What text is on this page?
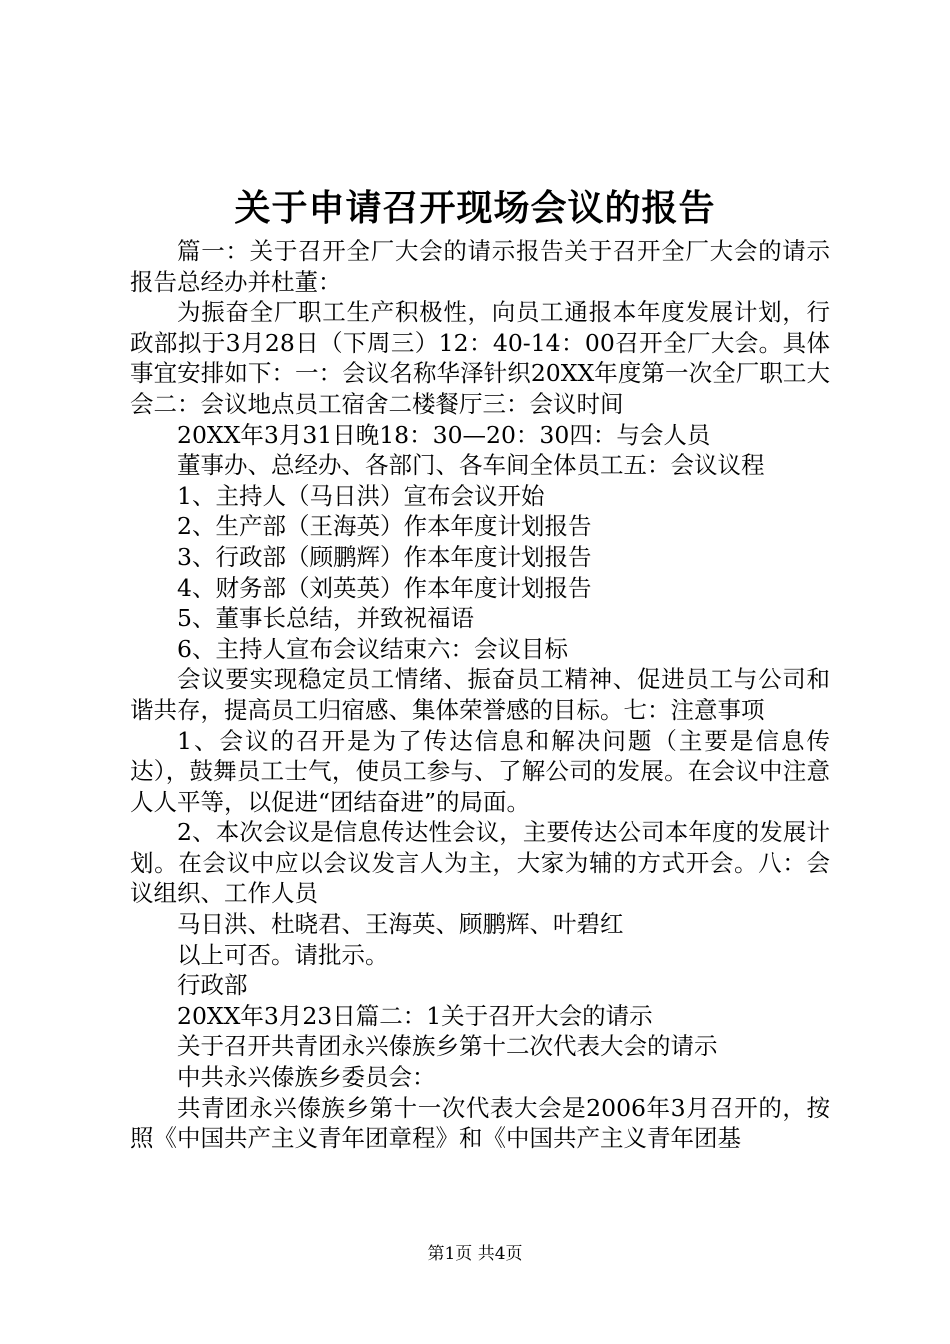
关于申请召开现场会议的报告

篇一：关于召开全厂大会的请示报告关于召开全厂大会的请示报告总经办并杜董：

为振奋全厂职工生产积极性，向员工通报本年度发展计划，行政部拟于3月28日（下周三）12：40-14：00召开全厂大会。具体事宜安排如下：一：会议名称华泽针织20XX年度第一次全厂职工大会二：会议地点员工宿舍二楼餐厅三：会议时间

20XX年3月31日晚18：30—20：30四：与会人员

董事办、总经办、各部门、各车间全体员工五：会议议程

1、主持人（马日洪）宣布会议开始

2、生产部（王海英）作本年度计划报告

3、行政部（顾鹏辉）作本年度计划报告

4、财务部（刘英英）作本年度计划报告

5、董事长总结，并致祝福语

6、主持人宣布会议结束六：会议目标

会议要实现稳定员工情绪、振奋员工精神、促进员工与公司和谐共存，提高员工归宿感、集体荣誉感的目标。七：注意事项

1、会议的召开是为了传达信息和解决问题（主要是信息传达），鼓舞员工士气，使员工参与、了解公司的发展。在会议中注意人人平等，以促进“团结奋进”的局面。

2、本次会议是信息传达性会议，主要传达公司本年度的发展计划。在会议中应以会议发言人为主，大家为辅的方式开会。八：会议组织、工作人员

马日洪、杜晓君、王海英、顾鹏辉、叶碧红

以上可否。请批示。

行政部

20XX年3月23日篇二：1关于召开大会的请示

关于召开共青团永兴傣族乡第十二次代表大会的请示

中共永兴傣族乡委员会：

共青团永兴傣族乡第十一次代表大会是2006年3月召开的，按照《中国共产主义青年团章程》和《中国共产主义青年团基

第1页 共4页
